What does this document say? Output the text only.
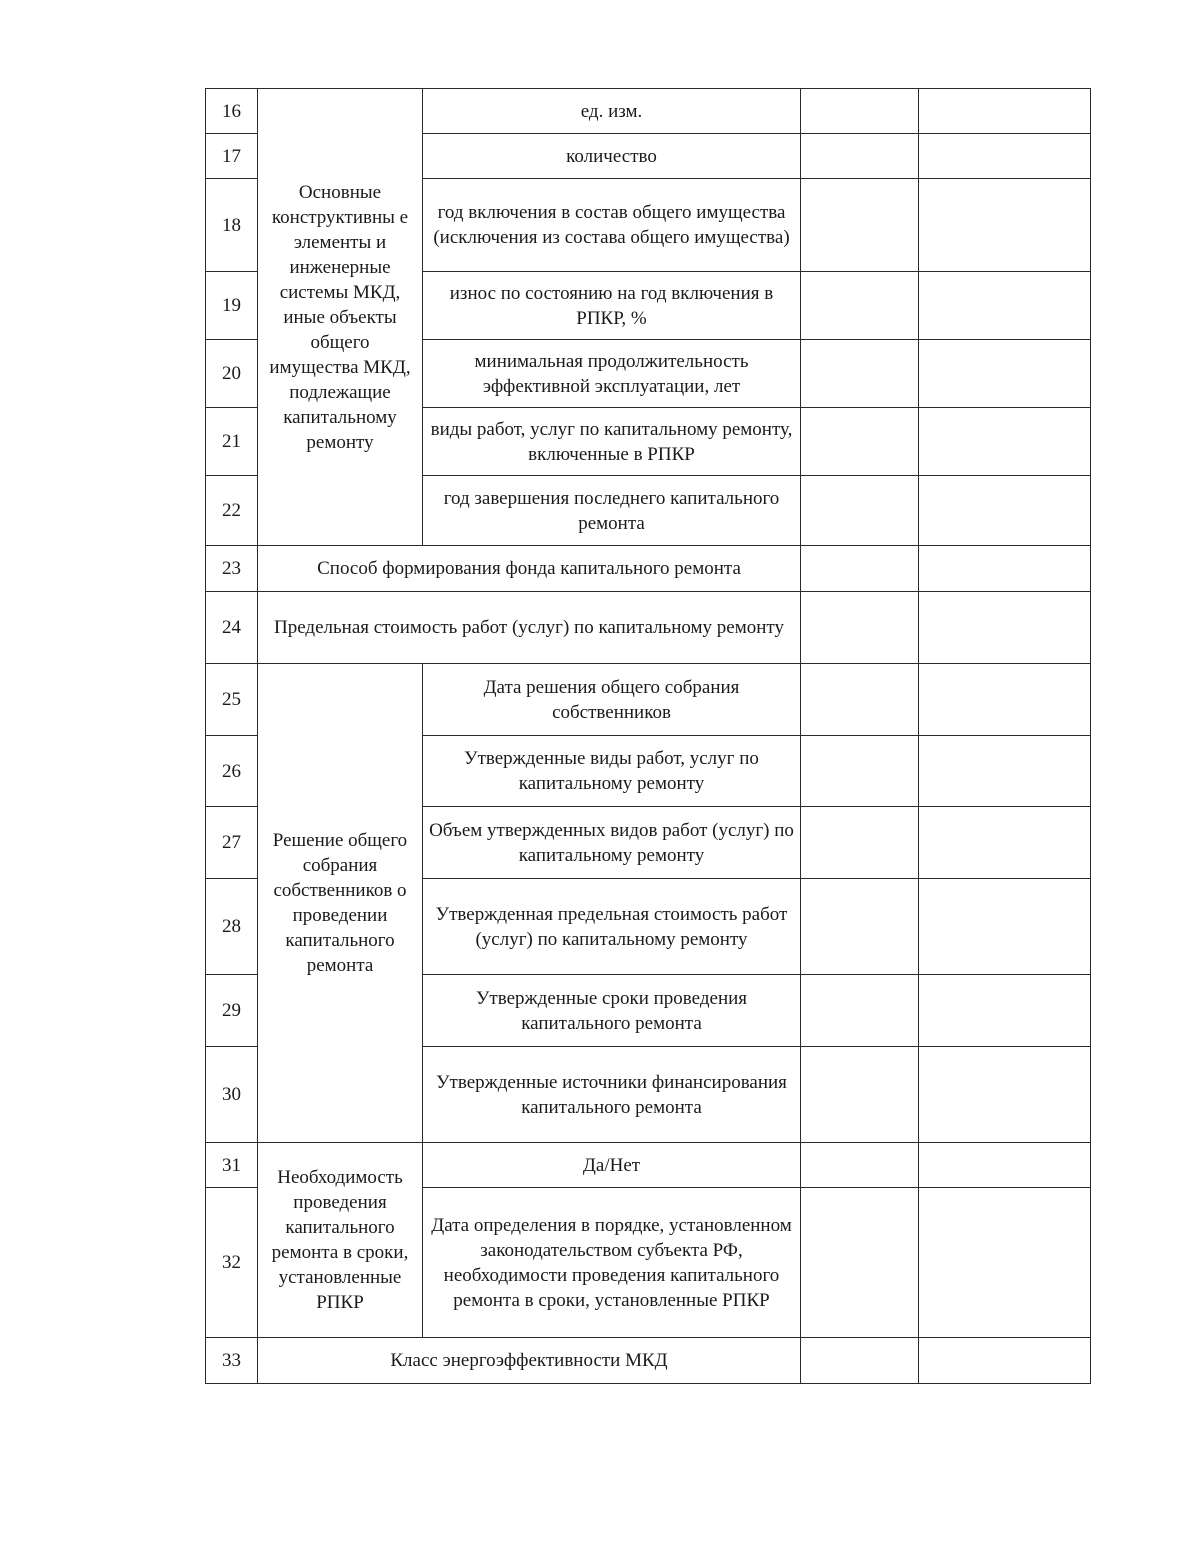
16	Основные конструктивны е элементы и инженерные системы МКД, иные объекты общего имущества МКД, подлежащие капитальному ремонту	ед. изм.		
17		количество		
18		год включения в состав общего имущества (исключения из состава общего имущества)		
19		износ по состоянию на год включения в РПКР, %		
20		минимальная продолжительность эффективной эксплуатации, лет		
21		виды работ, услуг по капитальному ремонту, включенные в РПКР		
22		год завершения последнего капитального ремонта		
23	Способ формирования фонда капитального ремонта			
24	Предельная стоимость работ (услуг) по капитальному ремонту			
25	Решение общего собрания собственников о проведении капитального ремонта	Дата решения общего собрания собственников		
26		Утвержденные виды работ, услуг по капитальному ремонту		
27		Объем утвержденных видов работ (услуг) по капитальному ремонту		
28		Утвержденная предельная стоимость работ (услуг) по капитальному ремонту		
29		Утвержденные сроки проведения капитального ремонта		
30		Утвержденные источники финансирования капитального ремонта		
31	Необходимость проведения капитального ремонта в сроки, установленные РПКР	Да/Нет		
32		Дата определения в порядке, установленном законодательством субъекта РФ, необходимости проведения капитального ремонта в сроки, установленные РПКР		
33	Класс энергоэффективности МКД			
